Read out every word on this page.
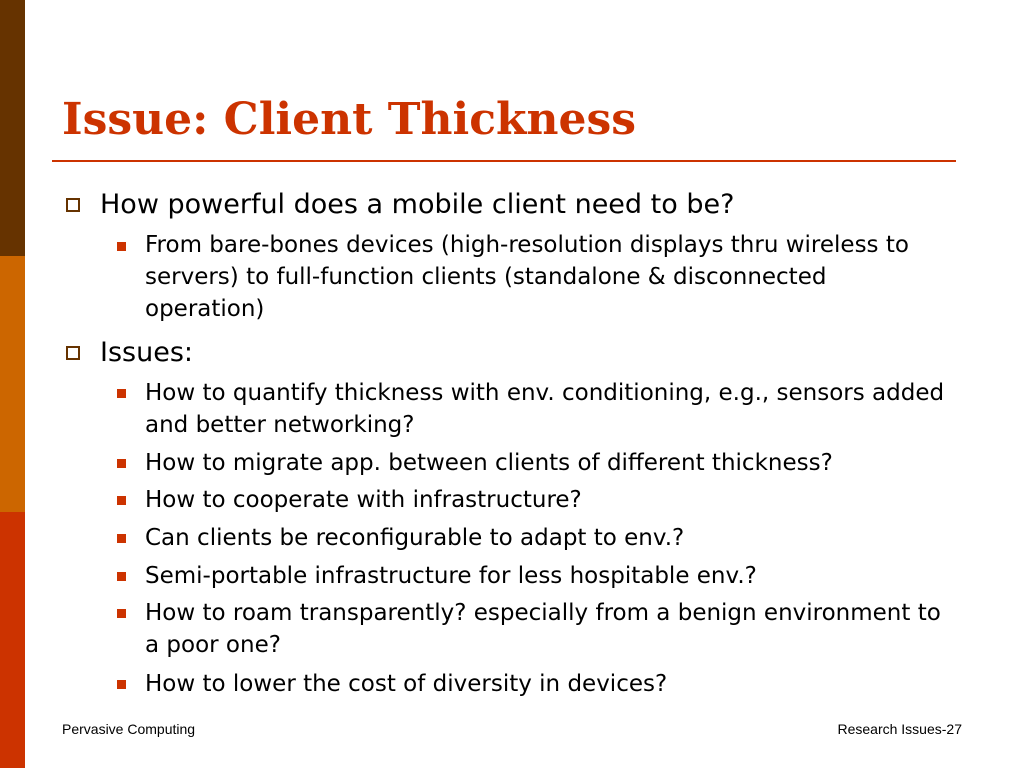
Issue: Client Thickness
How powerful does a mobile client need to be?
From bare-bones devices (high-resolution displays thru wireless to servers) to full-function clients (standalone & disconnected operation)
Issues:
How to quantify thickness with env. conditioning, e.g., sensors added and better networking?
How to migrate app. between clients of different thickness?
How to cooperate with infrastructure?
Can clients be reconfigurable to adapt to env.?
Semi-portable infrastructure for less hospitable env.?
How to roam transparently? especially from a benign environment to a poor one?
How to lower the cost of diversity in devices?
Pervasive Computing	Research Issues-27
